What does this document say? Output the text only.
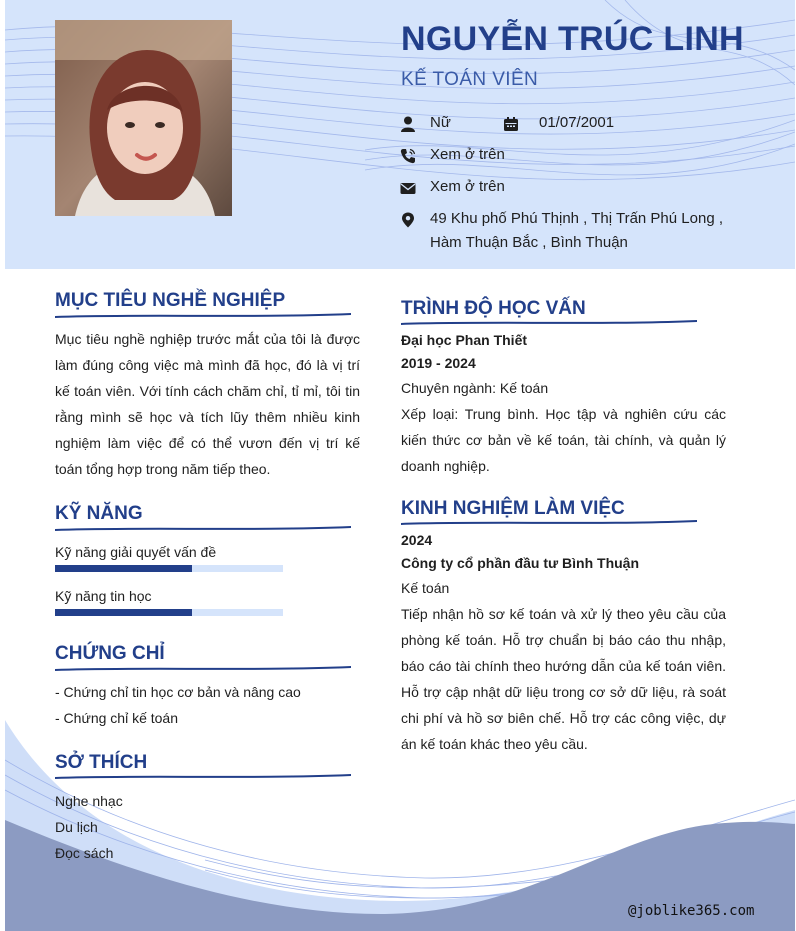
NGUYỄN TRÚC LINH
KẾ TOÁN VIÊN
Nữ	01/07/2001
Xem ở trên
Xem ở trên
49 Khu phố Phú Thịnh , Thị Trấn Phú Long ,
Hàm Thuận Bắc , Bình Thuận
MỤC TIÊU NGHỀ NGHIỆP
Mục tiêu nghề nghiệp trước mắt của tôi là được làm đúng công việc mà mình đã học, đó là vị trí kế toán viên. Với tính cách chăm chỉ, tỉ mỉ, tôi tin rằng mình sẽ học và tích lũy thêm nhiều kinh nghiệm làm việc để có thể vươn đến vị trí kế toán tổng hợp trong năm tiếp theo.
KỸ NĂNG
Kỹ năng giải quyết vấn đề
Kỹ năng tin học
CHỨNG CHỈ
- Chứng chỉ tin học cơ bản và nâng cao
- Chứng chỉ kế toán
SỞ THÍCH
Nghe nhạc
Du lịch
Đọc sách
TRÌNH ĐỘ HỌC VẤN
Đại học Phan Thiết
2019 - 2024
Chuyên ngành: Kế toán
Xếp loại: Trung bình. Học tập và nghiên cứu các kiến thức cơ bản về kế toán, tài chính, và quản lý doanh nghiệp.
KINH NGHIỆM LÀM VIỆC
2024
Công ty cổ phần đầu tư Bình Thuận
Kế toán
Tiếp nhận hồ sơ kế toán và xử lý theo yêu cầu của phòng kế toán. Hỗ trợ chuẩn bị báo cáo thu nhập, báo cáo tài chính theo hướng dẫn của kế toán viên. Hỗ trợ cập nhật dữ liệu trong cơ sở dữ liệu, rà soát chi phí và hồ sơ biên chế. Hỗ trợ các công việc, dự án kế toán khác theo yêu cầu.
@joblike365.com
